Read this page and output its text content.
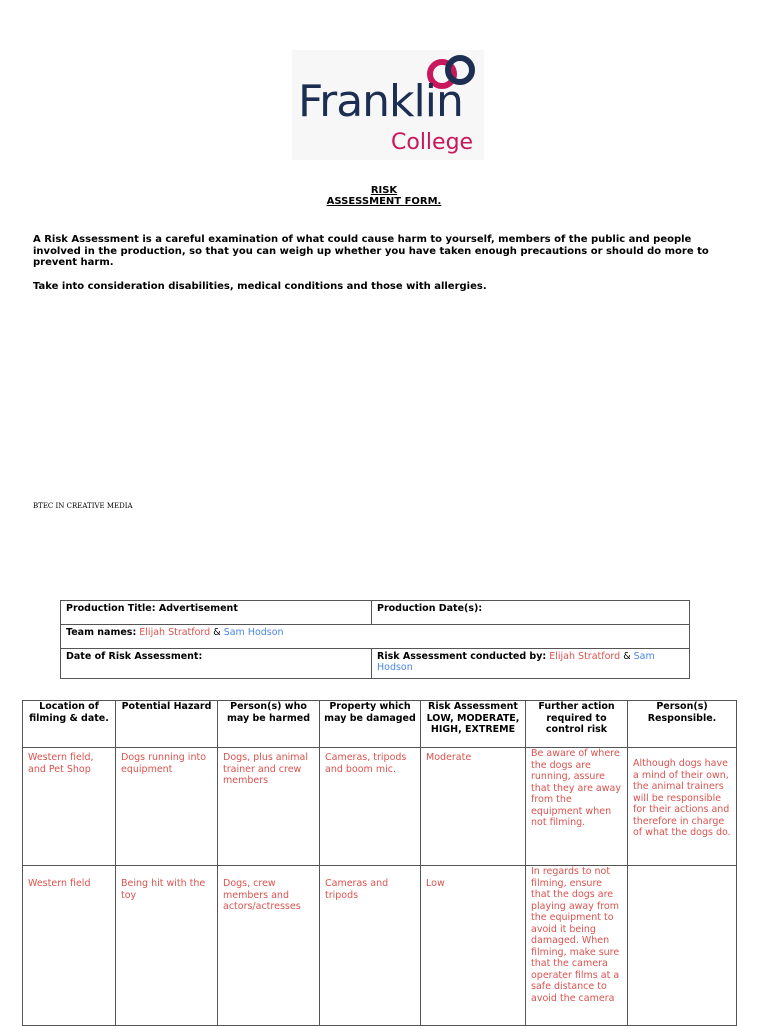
Franklin
College
RISK
ASSESSMENT FORM.
A Risk Assessment is a careful examination of what could cause harm to yourself, members of the public and people involved in the production, so that you can weigh up whether you have taken enough precautions or should do more to prevent harm.
Take into consideration disabilities, medical conditions and those with allergies.
BTEC IN CREATIVE MEDIA
Production Title: Advertisement	Production Date(s):
Team names: Elijah Stratford & Sam Hodson	
Date of Risk Assessment:	Risk Assessment conducted by: Elijah Stratford & Sam Hodson
Location of filming & date.	Potential Hazard	Person(s) who may be harmed	Property which may be damaged	Risk Assessment LOW, MODERATE, HIGH, EXTREME	Further action required to control risk	Person(s) Responsible.
Western field, and Pet Shop	Dogs running into equipment	Dogs, plus animal trainer and crew members	Cameras, tripods and boom mic.	Moderate	Be aware of where the dogs are running, assure that they are away from the equipment when not filming.	Although dogs have a mind of their own, the animal trainers will be responsible for their actions and therefore in charge of what the dogs do.
Western field	Being hit with the toy	Dogs, crew members and actors/actresses	Cameras and tripods	Low	In regards to not filming, ensure that the dogs are playing away from the equipment to avoid it being damaged. When filming, make sure that the camera operater films at a safe distance to avoid the camera	
